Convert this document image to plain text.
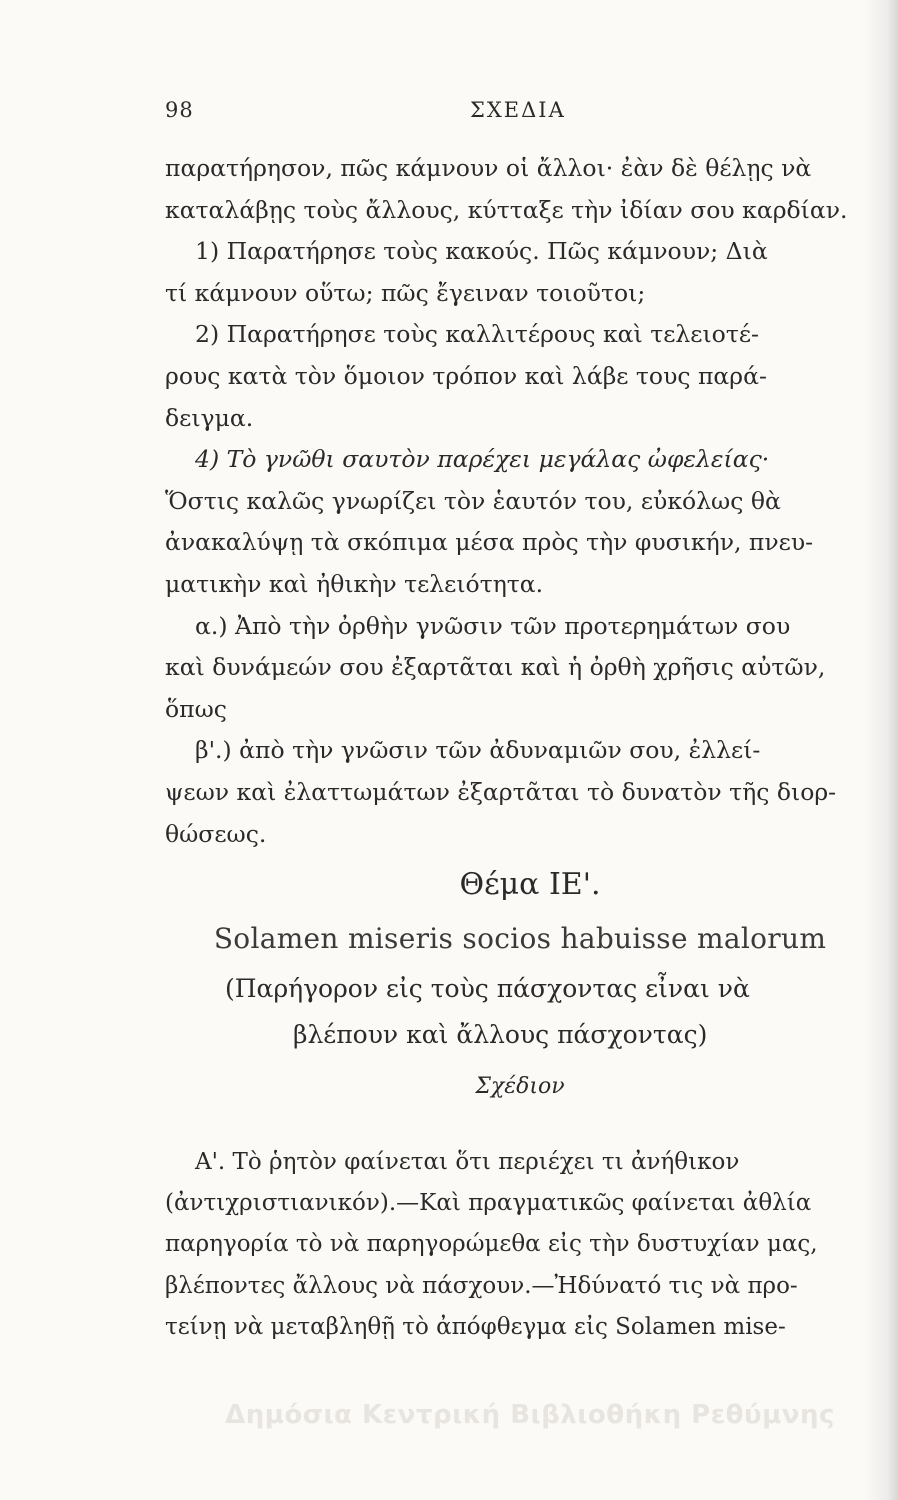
98	ΣΧΕΔΙΑ
παρατήρησον, πῶς κάμνουν οἱ ἄλλοι· ἐὰν δὲ θέλῃς νὰ
καταλάβῃς τοὺς ἄλλους, κύτταξε τὴν ἰδίαν σου καρδίαν.
1) Παρατήρησε τοὺς κακούς. Πῶς κάμνουν; Διὰ
τί κάμνουν οὕτω; πῶς ἔγειναν τοιοῦτοι;
2) Παρατήρησε τοὺς καλλιτέρους καὶ τελειοτέ-
ρους κατὰ τὸν ὅμοιον τρόπον καὶ λάβε τους παρά-
δειγμα.
4) Τὸ γνῶθι σαυτὸν παρέχει μεγάλας ὠφελείας·
Ὅστις καλῶς γνωρίζει τὸν ἑαυτόν του, εὐκόλως θὰ
ἀνακαλύψῃ τὰ σκόπιμα μέσα πρὸς τὴν φυσικήν, πνευ-
ματικὴν καὶ ἠθικὴν τελειότητα.
α.) Ἀπὸ τὴν ὀρθὴν γνῶσιν τῶν προτερημάτων σου
καὶ δυνάμεών σου ἐξαρτᾶται καὶ ἡ ὀρθὴ χρῆσις αὐτῶν,
ὅπως
β'.) ἀπὸ τὴν γνῶσιν τῶν ἀδυναμιῶν σου, ἐλλεί-
ψεων καὶ ἐλαττωμάτων ἐξαρτᾶται τὸ δυνατὸν τῆς διορ-
θώσεως.
Θέμα ΙΕ'.
Solamen miseris socios habuisse malorum
(Παρήγορον εἰς τοὺς πάσχοντας εἶναι νὰ
βλέπουν καὶ ἄλλους πάσχοντας)
Σχέδιον
Α'. Τὸ ῥητὸν φαίνεται ὅτι περιέχει τι ἀνήθικον
(ἀντιχριστιανικόν).—Καὶ πραγματικῶς φαίνεται ἀθλία
παρηγορία τὸ νὰ παρηγορώμεθα εἰς τὴν δυστυχίαν μας,
βλέποντες ἄλλους νὰ πάσχουν.—Ἠδύνατό τις νὰ προ-
τείνῃ νὰ μεταβληθῇ τὸ ἀπόφθεγμα εἰς Solamen mise-
Δημόσια Κεντρική Βιβλιοθήκη Ρεθύμνης
